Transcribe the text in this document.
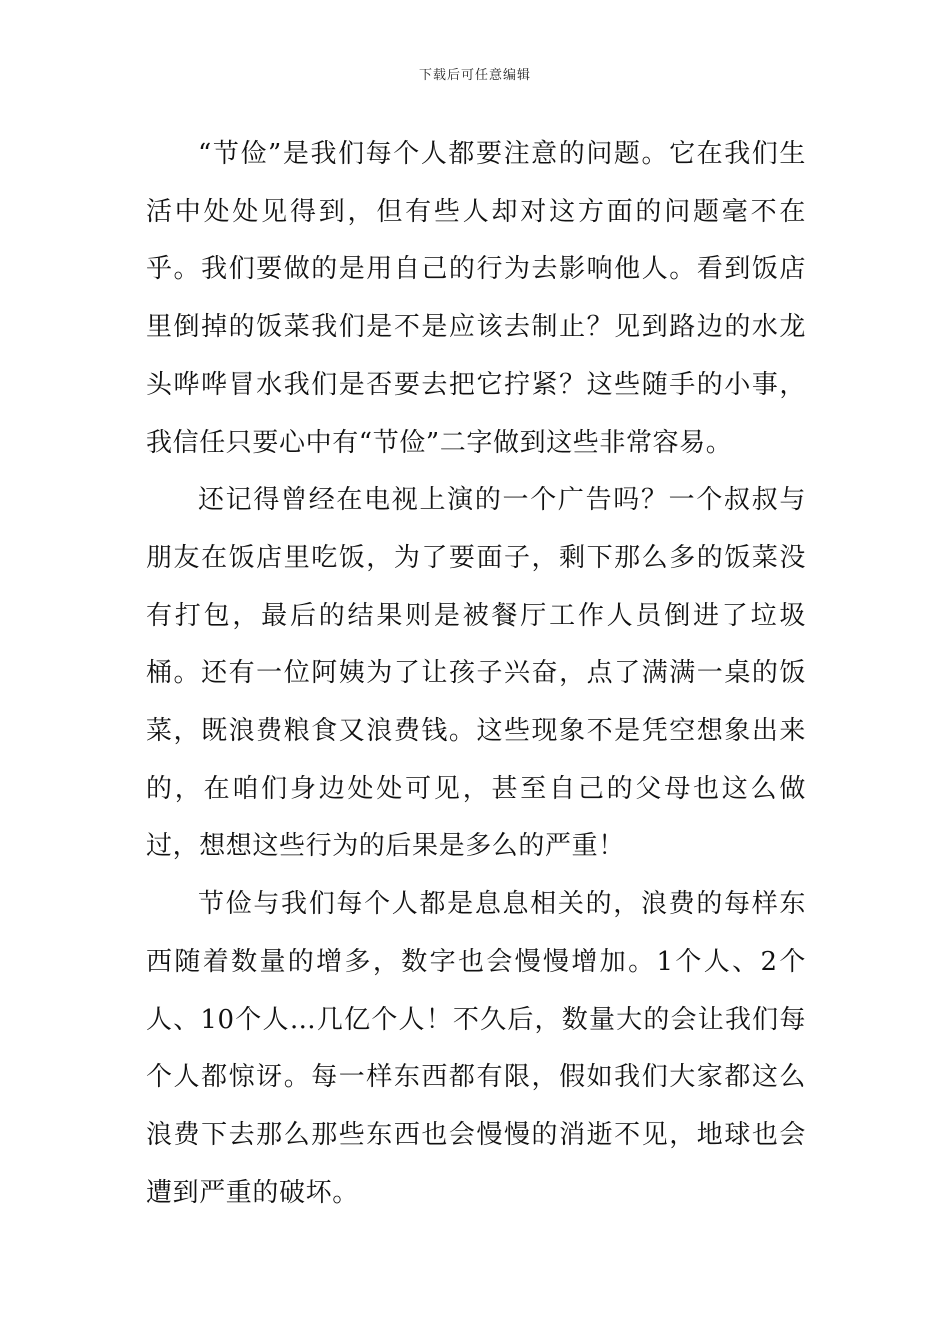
下载后可任意编辑

“节俭”是我们每个人都要注意的问题。它在我们生活中处处见得到，但有些人却对这方面的问题毫不在乎。我们要做的是用自己的行为去影响他人。看到饭店里倒掉的饭菜我们是不是应该去制止？见到路边的水龙头哗哗冒水我们是否要去把它拧紧？这些随手的小事，我信任只要心中有“节俭”二字做到这些非常容易。

还记得曾经在电视上演的一个广告吗？一个叔叔与朋友在饭店里吃饭，为了要面子，剩下那么多的饭菜没有打包，最后的结果则是被餐厅工作人员倒进了垃圾桶。还有一位阿姨为了让孩子兴奋，点了满满一桌的饭菜，既浪费粮食又浪费钱。这些现象不是凭空想象出来的，在咱们身边处处可见，甚至自己的父母也这么做过，想想这些行为的后果是多么的严重！

节俭与我们每个人都是息息相关的，浪费的每样东西随着数量的增多，数字也会慢慢增加。1个人、2个人、10个人…几亿个人！不久后，数量大的会让我们每个人都惊讶。每一样东西都有限，假如我们大家都这么浪费下去那么那些东西也会慢慢的消逝不见，地球也会遭到严重的破坏。
